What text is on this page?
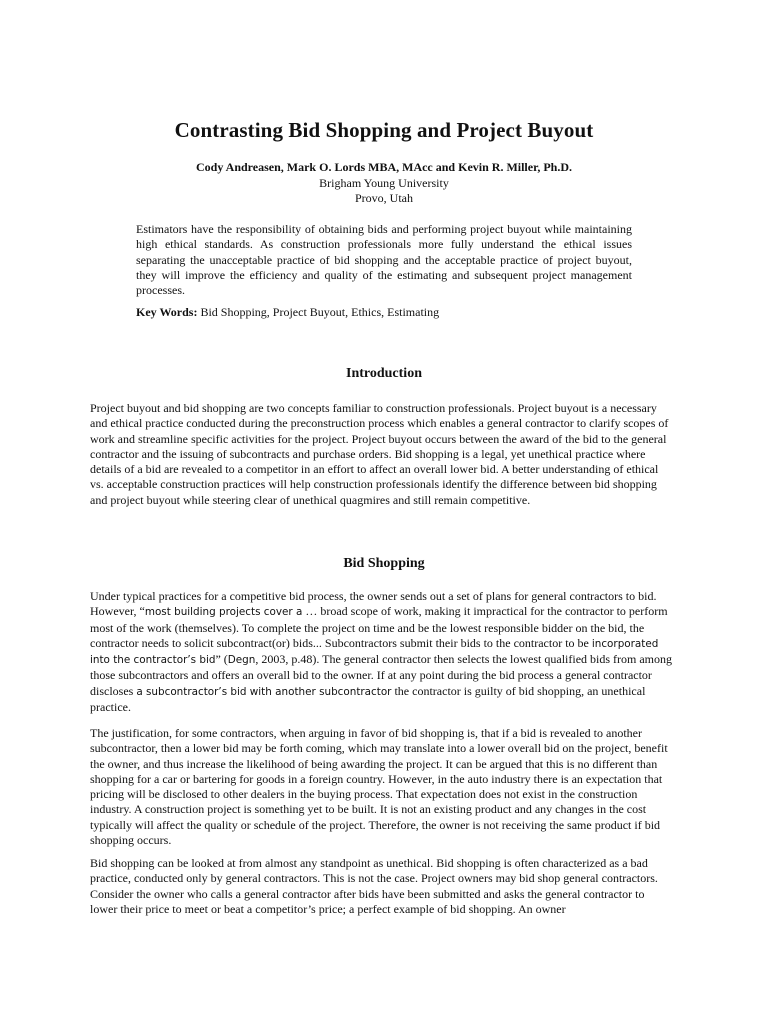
Contrasting Bid Shopping and Project Buyout

Cody Andreasen, Mark O. Lords MBA, MAcc and Kevin R. Miller, Ph.D.

Brigham Young University

Provo, Utah

Estimators have the responsibility of obtaining bids and performing project buyout while maintaining high ethical standards. As construction professionals more fully understand the ethical issues separating the unacceptable practice of bid shopping and the acceptable practice of project buyout, they will improve the efficiency and quality of the estimating and subsequent project management processes.

Key Words: Bid Shopping, Project Buyout, Ethics, Estimating

Introduction

Project buyout and bid shopping are two concepts familiar to construction professionals. Project buyout is a necessary and ethical practice conducted during the preconstruction process which enables a general contractor to clarify scopes of work and streamline specific activities for the project. Project buyout occurs between the award of the bid to the general contractor and the issuing of subcontracts and purchase orders. Bid shopping is a legal, yet unethical practice where details of a bid are revealed to a competitor in an effort to affect an overall lower bid. A better understanding of ethical vs. acceptable construction practices will help construction professionals identify the difference between bid shopping and project buyout while steering clear of unethical quagmires and still remain competitive.

Bid Shopping

Under typical practices for a competitive bid process, the owner sends out a set of plans for general contractors to bid. However, “most building projects cover a … broad scope of work, making it impractical for the contractor to perform most of the work (themselves). To complete the project on time and be the lowest responsible bidder on the bid, the contractor needs to solicit subcontract(or) bids... Subcontractors submit their bids to the contractor to be incorporated into the contractor’s bid” (Degn, 2003, p.48). The general contractor then selects the lowest qualified bids from among those subcontractors and offers an overall bid to the owner. If at any point during the bid process a general contractor discloses a subcontractor’s bid with another subcontractor the contractor is guilty of bid shopping, an unethical practice.

The justification, for some contractors, when arguing in favor of bid shopping is, that if a bid is revealed to another subcontractor, then a lower bid may be forth coming, which may translate into a lower overall bid on the project, benefit the owner, and thus increase the likelihood of being awarding the project. It can be argued that this is no different than shopping for a car or bartering for goods in a foreign country. However, in the auto industry there is an expectation that pricing will be disclosed to other dealers in the buying process. That expectation does not exist in the construction industry. A construction project is something yet to be built. It is not an existing product and any changes in the cost typically will affect the quality or schedule of the project. Therefore, the owner is not receiving the same product if bid shopping occurs.

Bid shopping can be looked at from almost any standpoint as unethical. Bid shopping is often characterized as a bad practice, conducted only by general contractors. This is not the case. Project owners may bid shop general contractors. Consider the owner who calls a general contractor after bids have been submitted and asks the general contractor to lower their price to meet or beat a competitor’s price; a perfect example of bid shopping. An owner
